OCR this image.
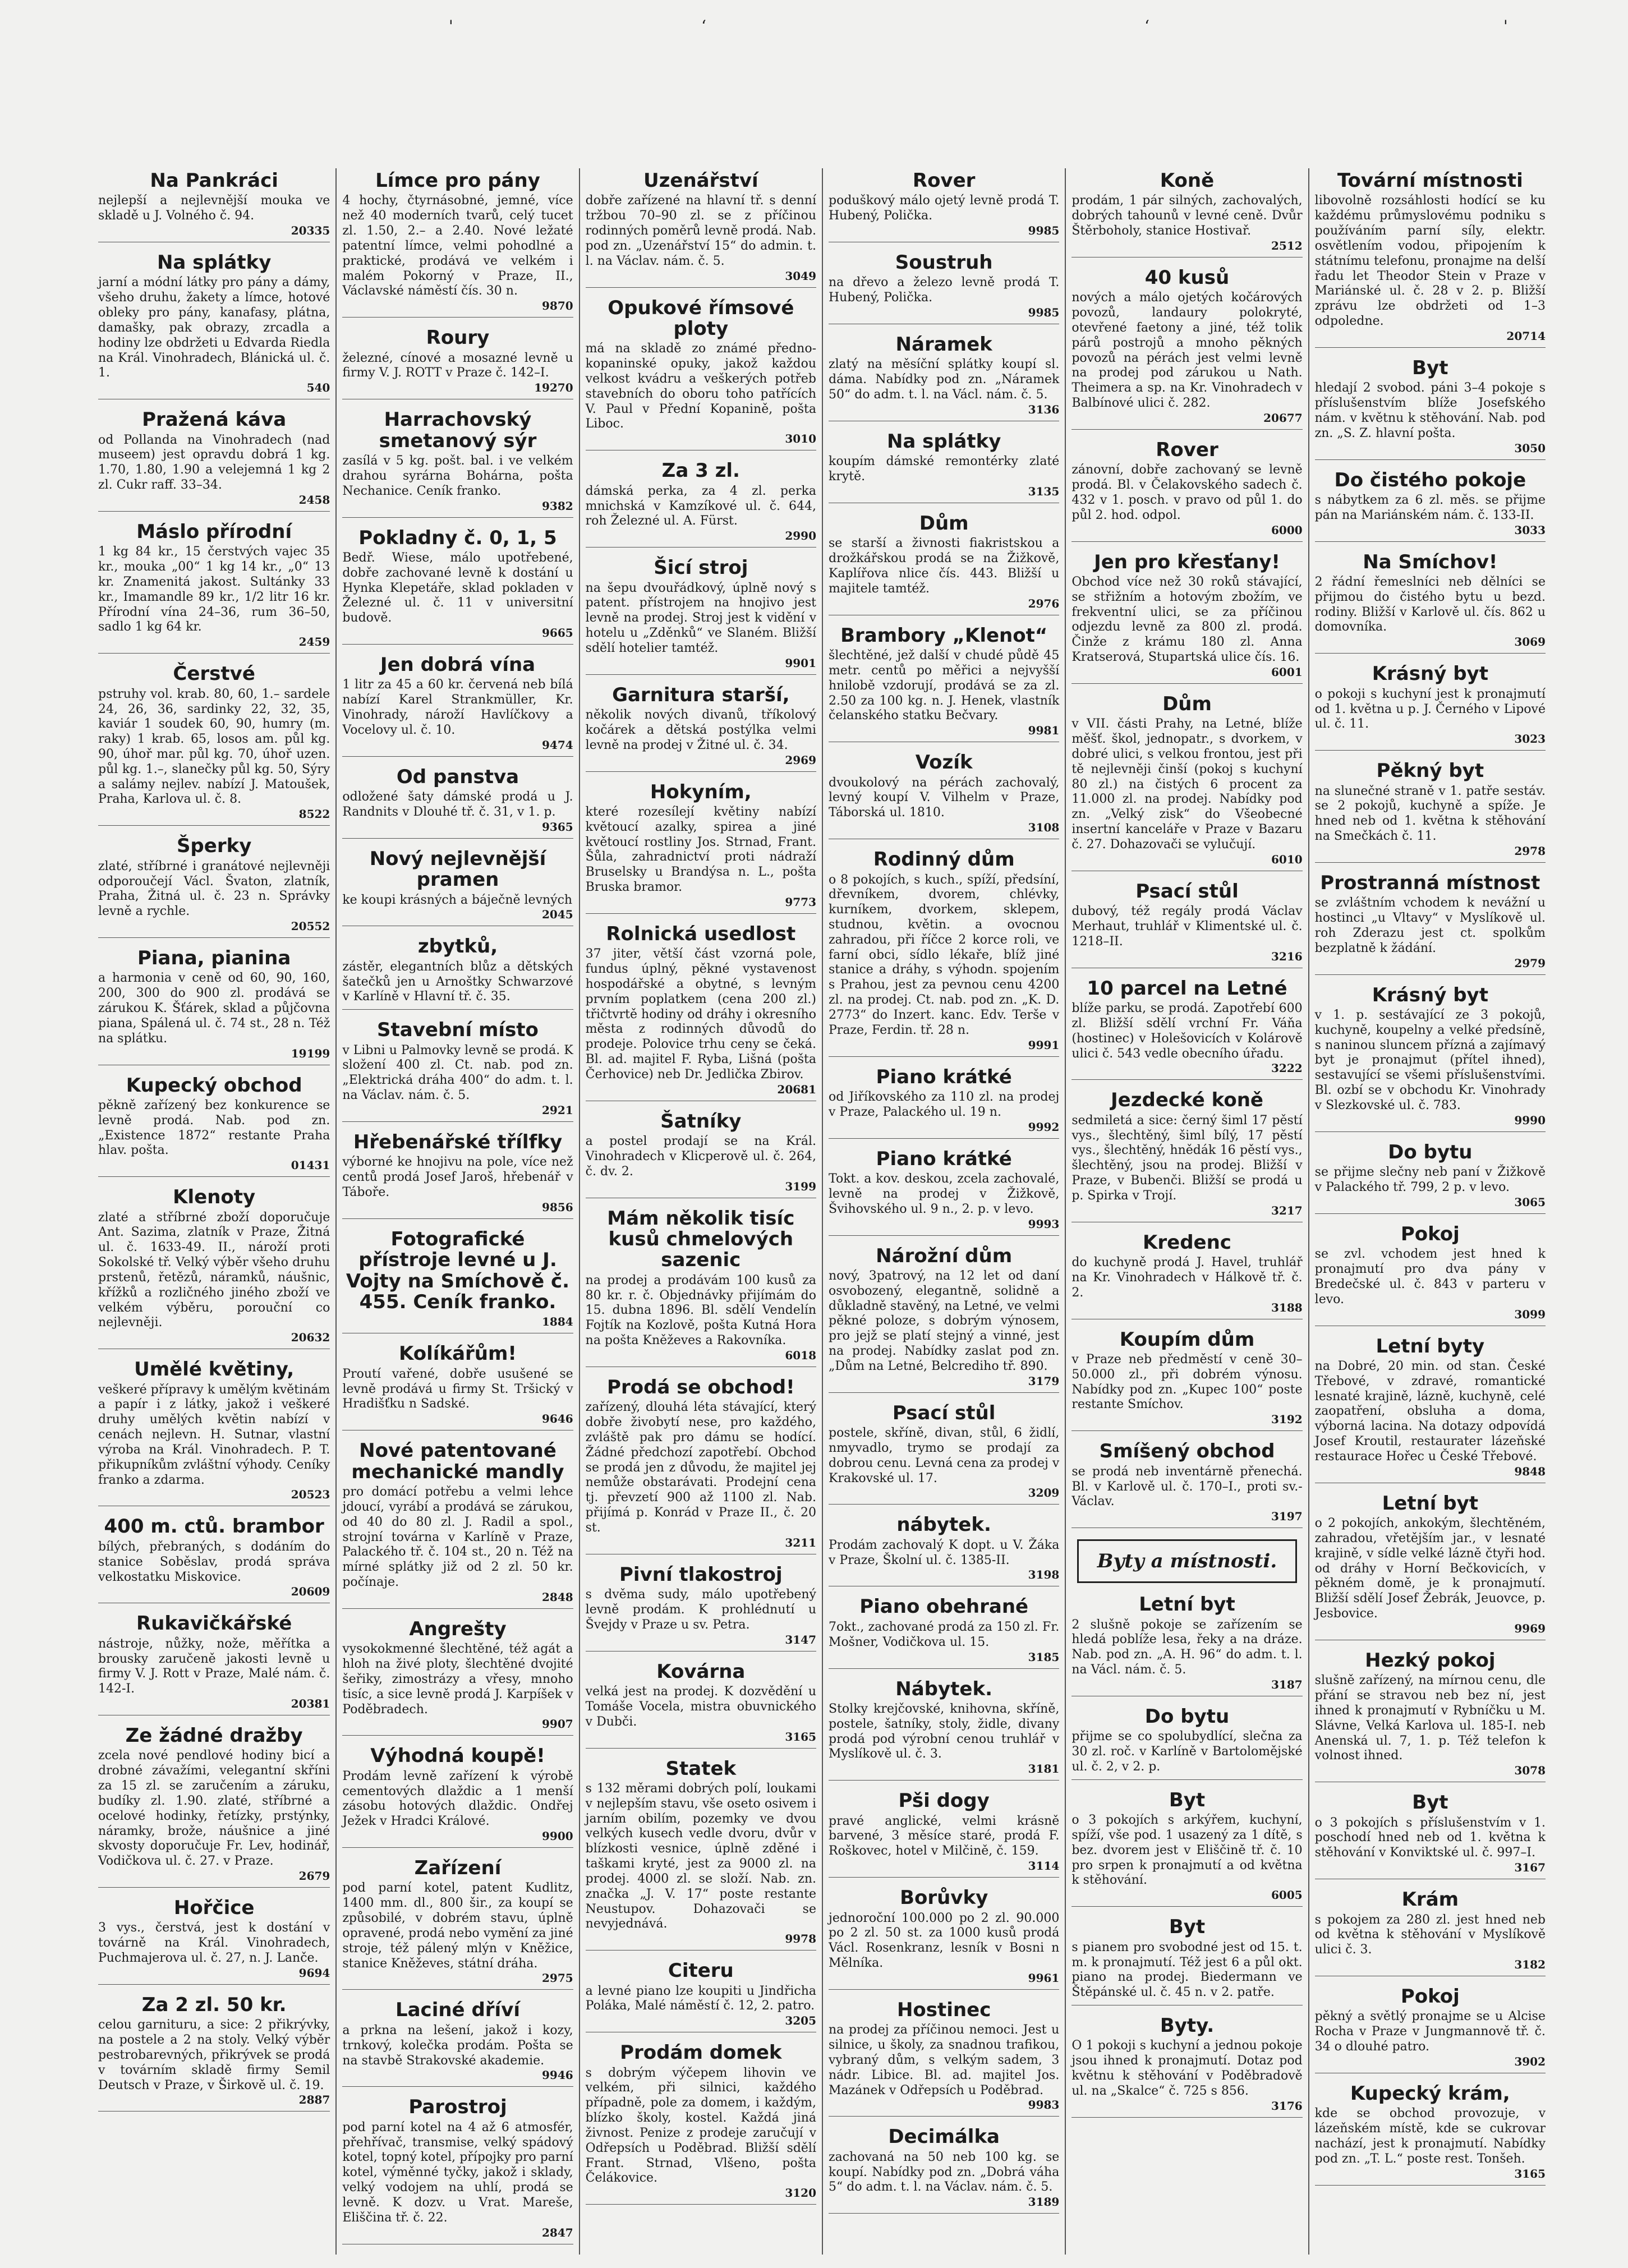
'	ʻ	ʻ	'
Na Pankráci

nejlepší a nejlevnější mouka ve skladě u J. Volného č. 94.

20335
Na splátky

jarní a módní látky pro pány a dámy, všeho druhu, žakety a límce, hotové obleky pro pány, kanafasy, plátna, damašky, pak obrazy, zrcadla a hodiny lze obdržeti u Edvarda Riedla na Král. Vinohradech, Blánická ul. č. 1.

540
Pražená káva

od Pollanda na Vinohradech (nad museem) jest opravdu dobrá 1 kg. 1.70, 1.80, 1.90 a velejemná 1 kg 2 zl. Cukr raff. 33–34.

2458
Máslo přírodní

1 kg 84 kr., 15 čerstvých vajec 35 kr., mouka „00“ 1 kg 14 kr., „0“ 13 kr. Znamenitá jakost. Sultánky 33 kr., Imamandle 89 kr., 1/2 litr 16 kr. Přírodní vína 24–36, rum 36–50, sadlo 1 kg 64 kr.

2459
Čerstvé

pstruhy vol. krab. 80, 60, 1.– sardele 24, 26, 36, sardinky 22, 32, 35, kaviár 1 soudek 60, 90, humry (m. raky) 1 krab. 65, losos am. půl kg. 90, úhoř mar. půl kg. 70, úhoř uzen. půl kg. 1.–, slanečky půl kg. 50, Sýry a salámy nejlev. nabízí J. Matoušek, Praha, Karlova ul. č. 8.

8522
Šperky

zlaté, stříbrné i granátové nejlevněji odporoučejí Václ. Švaton, zlatník, Praha, Žitná ul. č. 23 n. Správky levně a rychle.

20552
Piana, pianina

a harmonia v ceně od 60, 90, 160, 200, 300 do 900 zl. prodává se zárukou K. Šťárek, sklad a půjčovna piana, Spálená ul. č. 74 st., 28 n. Též na splátku.

19199
Kupecký obchod

pěkně zařízený bez konkurence se levně prodá. Nab. pod zn. „Existence 1872“ restante Praha hlav. pošta.

01431
Klenoty

zlaté a stříbrné zboží doporučuje Ant. Sazima, zlatník v Praze, Žitná ul. č. 1633-49. II., nároží proti Sokolské tř. Velký výběr všeho druhu prstenů, řetězů, náramků, náušnic, křížků a rozličného jiného zboží ve velkém výběru, porouční co nejlevněji.

20632
Umělé květiny,

veškeré přípravy k umělým květinám a papír i z látky, jakož i veškeré druhy umělých květin nabízí v cenách nejlevn. H. Sutnar, vlastní výroba na Král. Vinohradech. P. T. přikupníkům zvláštní výhody. Ceníky franko a zdarma.

20523
400 m. ctů. brambor

bílých, přebraných, s dodáním do stanice Soběslav, prodá správa velkostatku Miskovice.

20609
Rukavičkářské

nástroje, nůžky, nože, měřítka a brousky zaručeně jakosti levně u firmy V. J. Rott v Praze, Malé nám. č. 142-I.

20381
Ze žádné dražby

zcela nové pendlové hodiny bicí a drobné závažími, velegantní skříni za 15 zl. se zaručením a záruku, budíky zl. 1.90. zlaté, stříbrné a ocelové hodinky, řetízky, prstýnky, náramky, brože, náušnice a jiné skvosty doporučuje Fr. Lev, hodinář, Vodičkova ul. č. 27. v Praze.

2679
Hořčice

3 vys., čerstvá, jest k dostání v továrně na Král. Vinohradech, Puchmajerova ul. č. 27, n. J. Lanče.

9694
Za 2 zl. 50 kr.

celou garnituru, a sice: 2 přikrývky, na postele a 2 na stoly. Velký výběr pestrobarevných, přikrývek se prodá v továrním skladě firmy Semil Deutsch v Praze, v Širkově ul. č. 19.

2887
Límce pro pány

4 hochy, čtyrnásobné, jemné, více než 40 moderních tvarů, celý tucet zl. 1.50, 2.– a 2.40. Nové ležaté patentní límce, velmi pohodlné a praktické, prodává ve velkém i malém Pokorný v Praze, II., Václavské náměstí čís. 30 n.

9870
Roury

železné, cínové a mosazné levně u firmy V. J. ROTT v Praze č. 142–I.

19270
Harrachovský smetanový sýr

zasílá v 5 kg. pošt. bal. i ve velkém drahou syrárna Bohárna, pošta Nechanice. Ceník franko.

9382
Pokladny č. 0, 1, 5

Bedř. Wiese, málo upotřebené, dobře zachované levně k dostání u Hynka Klepetáře, sklad pokladen v Železné ul. č. 11 v universitní budově.

9665
Jen dobrá vína

1 litr za 45 a 60 kr. červená neb bílá nabízí Karel Strankmüller, Kr. Vinohrady, nároží Havlíčkovy a Vocelovy ul. č. 10.

9474
Od panstva

odložené šaty dámské prodá u J. Randnits v Dlouhé tř. č. 31, v 1. p.

9365
Nový nejlevnější pramen

ke koupi krásných a báječně levných

2045
zbytků,

zástěr, elegantních blůz a dětských šatečků jen u Arnoštky Schwarzové v Karlíně v Hlavní tř. č. 35.

Stavební místo

v Libni u Palmovky levně se prodá. K složení 400 zl. Ct. nab. pod zn. „Elektrická dráha 400“ do adm. t. l. na Václav. nám. č. 5.

2921
Hřebenářské třílfky

výborné ke hnojivu na pole, více než centů prodá Josef Jaroš, hřebenář v Táboře.

9856
Fotografické přístroje levné u J. Vojty na Smíchově č. 455. Ceník franko.
1884
Kolíkářům!

Proutí vařené, dobře usušené se levně prodává u firmy St. Tršický v Hradišťku n Sadské.

9646
Nové patentované mechanické mandly

pro domácí potřebu a velmi lehce jdoucí, vyrábí a prodává se zárukou, od 40 do 80 zl. J. Radil a spol., strojní továrna v Karlíně v Praze, Palackého tř. č. 104 st., 20 n. Též na mírné splátky již od 2 zl. 50 kr. počínaje.

2848
Angrešty

vysokokmenné šlechtěné, též agát a hloh na živé ploty, šlechtěné dvojité šeřiky, zimostrázy a vřesy, mnoho tisíc, a sice levně prodá J. Karpíšek v Poděbradech.

9907
Výhodná koupě!

Prodám levně zařízení k výrobě cementových dlaždic a 1 menší zásobu hotových dlaždic. Ondřej Ježek v Hradci Králové.

9900
Zařízení

pod parní kotel, patent Kudlitz, 1400 mm. dl., 800 šir., za koupí se způsobilé, v dobrém stavu, úplně opravené, prodá nebo vymění za jiné stroje, též pálený mlýn v Kněžice, stanice Kněževes, státní dráha.

2975
Laciné dříví

a prkna na lešení, jakož i kozy, trnkový, kolečka prodám. Pošta se na stavbě Strakovské akademie.

9946
Parostroj

pod parní kotel na 4 až 6 atmosfér, přehřívač, transmise, velký spádový kotel, topný kotel, přípojky pro parní kotel, výměnné tyčky, jakož i sklady, velký vodojem na uhlí, prodá se levně. K dozv. u Vrat. Mareše, Eliščina tř. č. 22.

2847
Uzenářství

dobře zařízené na hlavní tř. s denní tržbou 70–90 zl. se z příčinou rodinných poměrů levně prodá. Nab. pod zn. „Uzenářství 15“ do admin. t. l. na Václav. nám. č. 5.

3049
Opukové římsové ploty

má na skladě zo známé předno-kopaninské opuky, jakož každou velkost kvádru a veškerých potřeb stavebních do oboru toho patřících V. Paul v Přední Kopanině, pošta Liboc.

3010
Za 3 zl.

dámská perka, za 4 zl. perka mnichská v Kamzíkové ul. č. 644, roh Železné ul. A. Fürst.

2990
Šicí stroj

na šepu dvouřádkový, úplně nový s patent. přístrojem na hnojivo jest levně na prodej. Stroj jest k vidění v hotelu u „Zděnků“ ve Slaném. Bližší sdělí hotelier tamtéž.

9901
Garnitura starší,

několik nových divanů, tříkolový kočárek a dětská postýlka velmi levně na prodej v Žitné ul. č. 34.

2969
Hokyním,

které rozesílejí květiny nabízí květoucí azalky, spirea a jiné květoucí rostliny Jos. Strnad, Frant. Šůla, zahradnictví proti nádraží Bruselsky u Brandýsa n. L., pošta Bruska bramor.

9773
Rolnická usedlost

37 jiter, větší část vzorná pole, fundus úplný, pěkné vystavenost hospodářské a obytné, s levným prvním poplatkem (cena 200 zl.) třičtvrtě hodiny od dráhy i okresního města z rodinných důvodů do prodeje. Polovice trhu ceny se čeká. Bl. ad. majitel F. Ryba, Lišná (pošta Čerhovice) neb Dr. Jedlička Zbirov.

20681
Šatníky

a postel prodají se na Král. Vinohradech v Klicperově ul. č. 264, č. dv. 2.

3199
Mám několik tisíc kusů chmelových sazenic

na prodej a prodávám 100 kusů za 80 kr. r. č. Objednávky přijímám do 15. dubna 1896. Bl. sdělí Vendelín Fojtík na Kozlově, pošta Kutná Hora na pošta Kněževes a Rakovníka.

6018
Prodá se obchod!

zařízený, dlouhá léta stávající, který dobře živobytí nese, pro každého, zvláště pak pro dámu se hodící. Žádné předchozí zapotřebí. Obchod se prodá jen z důvodu, že majitel jej nemůže obstarávati. Prodejní cena tj. převzetí 900 až 1100 zl. Nab. přijímá p. Konrád v Praze II., č. 20 st.

3211
Pivní tlakostroj

s dvěma sudy, málo upotřebený levně prodám. K prohlédnutí u Švejdy v Praze u sv. Petra.

3147
Kovárna

velká jest na prodej. K dozvědění u Tomáše Vocela, mistra obuvnického v Dubči.

3165
Statek

s 132 měrami dobrých polí, loukami v nejlepším stavu, vše oseto osivem i jarním obilím, pozemky ve dvou velkých kusech vedle dvoru, dvůr v blízkosti vesnice, úplně zděné i taškami kryté, jest za 9000 zl. na prodej. 4000 zl. se složí. Nab. zn. značka „J. V. 17“ poste restante Neustupov. Dohazovači se nevyjednává.

9978
Citeru

a levné piano lze koupiti u Jindřicha Poláka, Malé náměstí č. 12, 2. patro.

3205
Prodám domek

s dobrým výčepem lihovin ve velkém, při silnici, každého případně, pole za domem, i každým, blízko školy, kostel. Každá jiná živnost. Penize z prodeje zaručují v Odřepsích u Poděbrad. Bližší sdělí Frant. Strnad, Vlšeno, pošta Čelákovice.

3120
Rover

poduškový málo ojetý levně prodá T. Hubený, Polička.

9985
Soustruh

na dřevo a železo levně prodá T. Hubený, Polička.

9985
Náramek

zlatý na měsíční splátky koupí sl. dáma. Nabídky pod zn. „Náramek 50“ do adm. t. l. na Václ. nám. č. 5.

3136
Na splátky

koupím dámské remontérky zlaté krytě.

3135
Dům

se starší a živnosti fiakristskou a drožkářskou prodá se na Žižkově, Kaplířova nlice čís. 443. Bližší u majitele tamtéž.

2976
Brambory „Klenot“

šlechtěné, jež další v chudé půdě 45 metr. centů po měřici a nejvyšší hnilobě vzdorují, prodává se za zl. 2.50 za 100 kg. n. J. Henek, vlastník čelanského statku Bečvary.

9981
Vozík

dvoukolový na pérách zachovalý, levný koupí V. Vilhelm v Praze, Táborská ul. 1810.

3108
Rodinný dům

o 8 pokojích, s kuch., spíží, předsíní, dřevníkem, dvorem, chlévky, kurníkem, dvorkem, sklepem, studnou, květin. a ovocnou zahradou, při říčce 2 korce roli, ve farní obci, sídlo lékaře, blíž jiné stanice a dráhy, s výhodn. spojením s Prahou, jest za pevnou cenu 4200 zl. na prodej. Ct. nab. pod zn. „K. D. 2773“ do Inzert. kanc. Edv. Terše v Praze, Ferdin. tř. 28 n.

9991
Piano krátké

od Jiříkovského za 110 zl. na prodej v Praze, Palackého ul. 19 n.

9992
Piano krátké

Tokt. a kov. deskou, zcela zachovalé, levně na prodej v Žižkově, Švihovského ul. 9 n., 2. p. v levo.

9993
Nárožní dům

nový, 3patrový, na 12 let od daní osvobozený, elegantně, solidně a důkladně stavěný, na Letné, ve velmi pěkné poloze, s dobrým výnosem, pro jejž se platí stejný a vinné, jest na prodej. Nabídky zaslat pod zn. „Dům na Letné, Belcrediho tř. 890.

3179
Psací stůl

postele, skříně, divan, stůl, 6 židlí, nmyvadlo, trymo se prodají za dobrou cenu. Levná cena za prodej v Krakovské ul. 17.

3209
nábytek.

Prodám zachovalý K dopt. u V. Žáka v Praze, Školní ul. č. 1385-II.

3198
Piano obehrané

7okt., zachované prodá za 150 zl. Fr. Mošner, Vodičkova ul. 15.

3185
Nábytek.

Stolky krejčovské, knihovna, skříně, postele, šatníky, stoly, židle, divany prodá pod výrobní cenou truhlář v Myslíkově ul. č. 3.

3181
Pši dogy

pravé anglické, velmi krásně barvené, 3 měsíce staré, prodá F. Roškovec, hotel v Milčině, č. 159.

3114
Borůvky

jednoroční 100.000 po 2 zl. 90.000 po 2 zl. 50 st. za 1000 kusů prodá Václ. Rosenkranz, lesník v Bosni n Mělníka.

9961
Hostinec

na prodej za příčinou nemoci. Jest u silnice, u školy, za snadnou trafikou, vybraný dům, s velkým sadem, 3 nádr. Libice. Bl. ad. majitel Jos. Mazánek v Odřepsích u Poděbrad.

9983
Decimálka

zachovaná na 50 neb 100 kg. se koupí. Nabídky pod zn. „Dobrá váha 5“ do adm. t. l. na Václav. nám. č. 5.

3189
Koně

prodám, 1 pár silných, zachovalých, dobrých tahounů v levné ceně. Dvůr Štěrboholy, stanice Hostivař.

2512
40 kusů

nových a málo ojetých kočárových povozů, landaury polokryté, otevřené faetony a jiné, též tolik párů postrojů a mnoho pěkných povozů na pérách jest velmi levně na prodej pod zárukou u Nath. Theimera a sp. na Kr. Vinohradech v Balbínové ulici č. 282.

20677
Rover

zánovní, dobře zachovaný se levně prodá. Bl. v Čelakovského sadech č. 432 v 1. posch. v pravo od půl 1. do půl 2. hod. odpol.

6000
Jen pro křesťany!

Obchod více než 30 roků stávající, se střižním a hotovým zbožím, ve frekventní ulici, se za příčinou odjezdu levně za 800 zl. prodá. Činže z krámu 180 zl. Anna Kratserová, Stupartská ulice čís. 16.

6001
Dům

v VII. části Prahy, na Letné, blíže měšť. škol, jednopatr., s dvorkem, v dobré ulici, s velkou frontou, jest při tě nejlevněji činší (pokoj s kuchyní 80 zl.) na čistých 6 procent za 11.000 zl. na prodej. Nabídky pod zn. „Velký zisk“ do Všeobecné insertní kanceláře v Praze v Bazaru č. 27. Dohazovači se vylučují.

6010
Psací stůl

dubový, též regály prodá Václav Merhaut, truhlář v Klimentské ul. č. 1218–II.

3216
10 parcel na Letné

blíže parku, se prodá. Zapotřebí 600 zl. Bližší sdělí vrchní Fr. Váňa (hostinec) v Holešovicích v Kolárově ulici č. 543 vedle obecního úřadu.

3222
Jezdecké koně

sedmiletá a sice: černý šiml 17 pěstí vys., šlechtěný, šiml bílý, 17 pěstí vys., šlechtěný, hnědák 16 pěstí vys., šlechtěný, jsou na prodej. Bližší v Praze, v Bubenči. Bližší se prodá u p. Spirka v Trojí.

3217
Kredenc

do kuchyně prodá J. Havel, truhlář na Kr. Vinohradech v Hálkově tř. č. 2.

3188
Koupím dům

v Praze neb předměstí v ceně 30–50.000 zl., při dobrém výnosu. Nabídky pod zn. „Kupec 100“ poste restante Smíchov.

3192
Smíšený obchod

se prodá neb inventárně přenechá. Bl. v Karlově ul. č. 170–I., proti sv.-Václav.

3197
Byty a místnosti.
Letní byt

2 slušně pokoje se zařízením se hledá poblíže lesa, řeky a na dráze. Nab. pod zn. „A. H. 96“ do adm. t. l. na Václ. nám. č. 5.

3187
Do bytu

přijme se co spolubydlící, slečna za 30 zl. roč. v Karlíně v Bartolomějské ul. č. 2, v 2. p.

Byt

o 3 pokojích s arkýřem, kuchyní, spíží, vše pod. 1 usazený za 1 dítě, s bez. dvorem jest v Eliščině tř. č. 10 pro srpen k pronajmutí a od května k stěhování.

6005
Byt

s pianem pro svobodné jest od 15. t. m. k pronajmutí. Též jest 6 a půl okt. piano na prodej. Biedermann ve Štěpánské ul. č. 45 n. v 2. patře.

Byty.

O 1 pokoji s kuchyní a jednou pokoje jsou ihned k pronajmutí. Dotaz pod květnu k stěhování v Poděbradově ul. na „Skalce“ č. 725 s 856.

3176
Tovární místnosti

libovolně rozsáhlosti hodící se ku každému průmyslovému podniku s používáním parní síly, elektr. osvětlením vodou, připojením k státnímu telefonu, pronajme na delší řadu let Theodor Stein v Praze v Mariánské ul. č. 28 v 2. p. Bližší zprávu lze obdržeti od 1–3 odpoledne.

20714
Byt

hledají 2 svobod. páni 3–4 pokoje s příslušenstvím blíže Josefského nám. v květnu k stěhování. Nab. pod zn. „S. Z. hlavní pošta.

3050
Do čistého pokoje

s nábytkem za 6 zl. měs. se přijme pán na Mariánském nám. č. 133-II.

3033
Na Smíchov!

2 řádní řemeslníci neb dělníci se přijmou do čistého bytu u bezd. rodiny. Bližší v Karlově ul. čís. 862 u domovníka.

3069
Krásný byt

o pokoji s kuchyní jest k pronajmutí od 1. května u p. J. Černého v Lipové ul. č. 11.

3023
Pěkný byt

na slunečné straně v 1. patře sestáv. se 2 pokojů, kuchyně a spíže. Je hned neb od 1. května k stěhování na Smečkách č. 11.

2978
Prostranná místnost

se zvláštním vchodem k nevážní u hostinci „u Vltavy“ v Myslíkově ul. roh Zderazu jest ct. spolkům bezplatně k žádání.

2979
Krásný byt

v 1. p. sestávající ze 3 pokojů, kuchyně, koupelny a velké předsíně, s naninou sluncem přízná a zajímavý byt je pronajmut (přítel ihned), sestavující se všemi příslušenstvími. Bl. ozbí se v obchodu Kr. Vinohrady v Slezkovské ul. č. 783.

9990
Do bytu

se přijme slečny neb paní v Žižkově v Palackého tř. 799, 2 p. v levo.

3065
Pokoj

se zvl. vchodem jest hned k pronajmutí pro dva pány v Bredečské ul. č. 843 v parteru v levo.

3099
Letní byty

na Dobré, 20 min. od stan. České Třebové, v zdravé, romantické lesnaté krajině, lázně, kuchyně, celé zaopatření, obsluha a doma, výborná lacina. Na dotazy odpovídá Josef Kroutil, restaurater lázeňské restaurace Hořec u České Třebové.

9848
Letní byt

o 2 pokojích, ankokým, šlechtěném, zahradou, vřetějším jar., v lesnaté krajině, v sídle velké lázně čtyři hod. od dráhy v Horní Bečkovicích, v pěkném domě, je k pronajmutí. Bližší sdělí Josef Žebrák, Jeuovce, p. Jesbovice.

9969
Hezký pokoj

slušně zařízený, na mírnou cenu, dle přání se stravou neb bez ní, jest ihned k pronajmutí v Rybníčku u M. Slávne, Velká Karlova ul. 185-I. neb Anenská ul. 7, 1. p. Též telefon k volnost ihned.

3078
Byt

o 3 pokojích s příslušenstvím v 1. poschodí hned neb od 1. května k stěhování v Konviktské ul. č. 997–I.

3167
Krám

s pokojem za 280 zl. jest hned neb od května k stěhování v Myslíkově ulici č. 3.

3182
Pokoj

pěkný a světlý pronajme se u Alcise Rocha v Praze v Jungmannově tř. č. 34 o dlouhé patro.

3902
Kupecký krám,

kde se obchod provozuje, v lázeňském místě, kde se cukrovar nachází, jest k pronajmutí. Nabídky pod zn. „T. L.“ poste rest. Tonšeh.

3165
